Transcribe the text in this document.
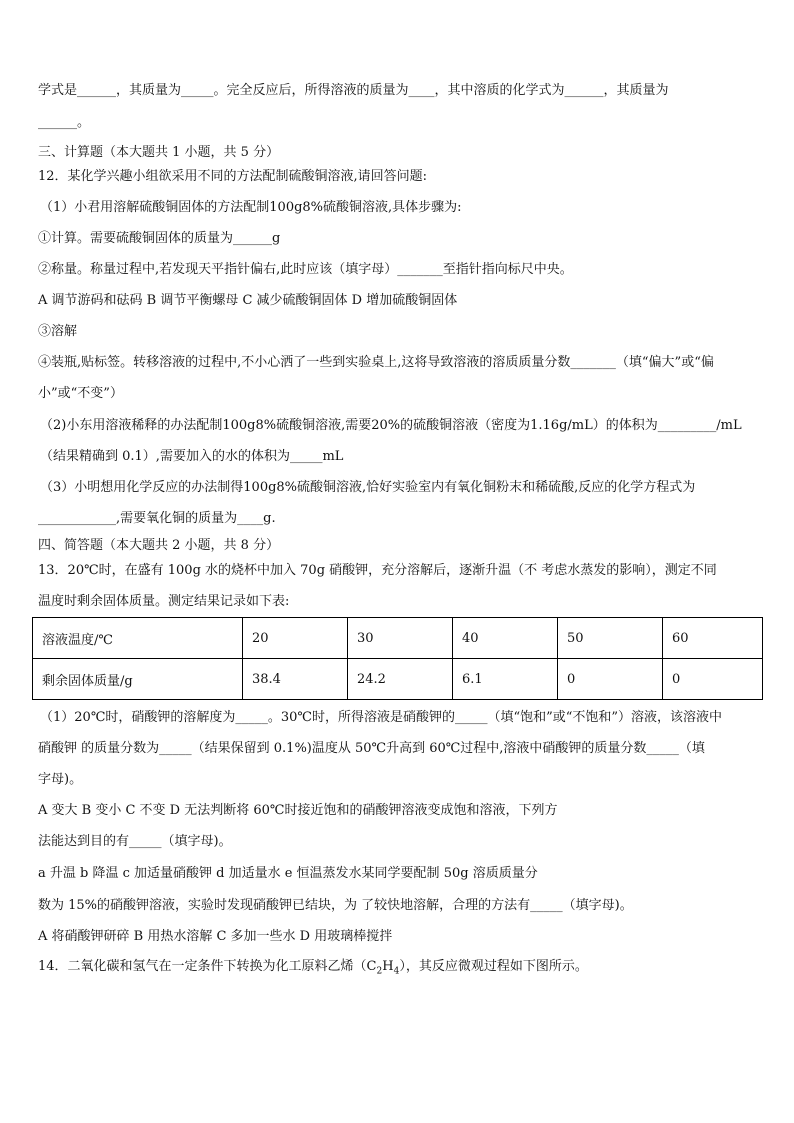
学式是______，其质量为_____。完全反应后，所得溶液的质量为____，其中溶质的化学式为______，其质量为
______。
三、计算题（本大题共 1 小题，共 5 分）
12．某化学兴趣小组欲采用不同的方法配制硫酸铜溶液,请回答问题:
（1）小君用溶解硫酸铜固体的方法配制100g8%硫酸铜溶液,具体步骤为:
①计算。需要硫酸铜固体的质量为______g
②称量。称量过程中,若发现天平指针偏右,此时应该（填字母）_______至指针指向标尺中央。
A 调节游码和砝码 B 调节平衡螺母 C 减少硫酸铜固体 D 增加硫酸铜固体
③溶解
④装瓶,贴标签。转移溶液的过程中,不小心洒了一些到实验桌上,这将导致溶液的溶质质量分数_______（填“偏大”或“偏
小”或“不变”）
（2)小东用溶液稀释的办法配制100g8%硫酸铜溶液,需要20%的硫酸铜溶液（密度为1.16g/mL）的体积为_________/mL
（结果精确到 0.1）,需要加入的水的体积为_____mL
（3）小明想用化学反应的办法制得100g8%硫酸铜溶液,恰好实验室内有氧化铜粉末和稀硫酸,反应的化学方程式为
____________,需要氧化铜的质量为____g.
四、简答题（本大题共 2 小题，共 8 分）
13．20℃时，在盛有 100g 水的烧杯中加入 70g 硝酸钾，充分溶解后，逐渐升温（不 考虑水蒸发的影响），测定不同
温度时剩余固体质量。测定结果记录如下表:
溶液温度/℃	20	30	40	50	60
剩余固体质量/g	38.4	24.2	6.1	0	0
（1）20℃时，硝酸钾的溶解度为_____。30℃时，所得溶液是硝酸钾的_____（填“饱和”或“不饱和”）溶液，该溶液中
硝酸钾 的质量分数为_____（结果保留到 0.1%)温度从 50℃升高到 60℃过程中,溶液中硝酸钾的质量分数_____（填
字母)。
A 变大 B 变小 C 不变 D 无法判断将 60℃时接近饱和的硝酸钾溶液变成饱和溶液，下列方
法能达到目的有_____（填字母)。
a 升温 b 降温 c 加适量硝酸钾 d 加适量水 e 恒温蒸发水某同学要配制 50g 溶质质量分
数为 15%的硝酸钾溶液，实验时发现硝酸钾已结块，为 了较快地溶解，合理的方法有_____（填字母)。
A 将硝酸钾研碎 B 用热水溶解 C 多加一些水 D 用玻璃棒搅拌
14．二氧化碳和氢气在一定条件下转换为化工原料乙烯$(C_2H_4)$，其反应微观过程如下图所示。
